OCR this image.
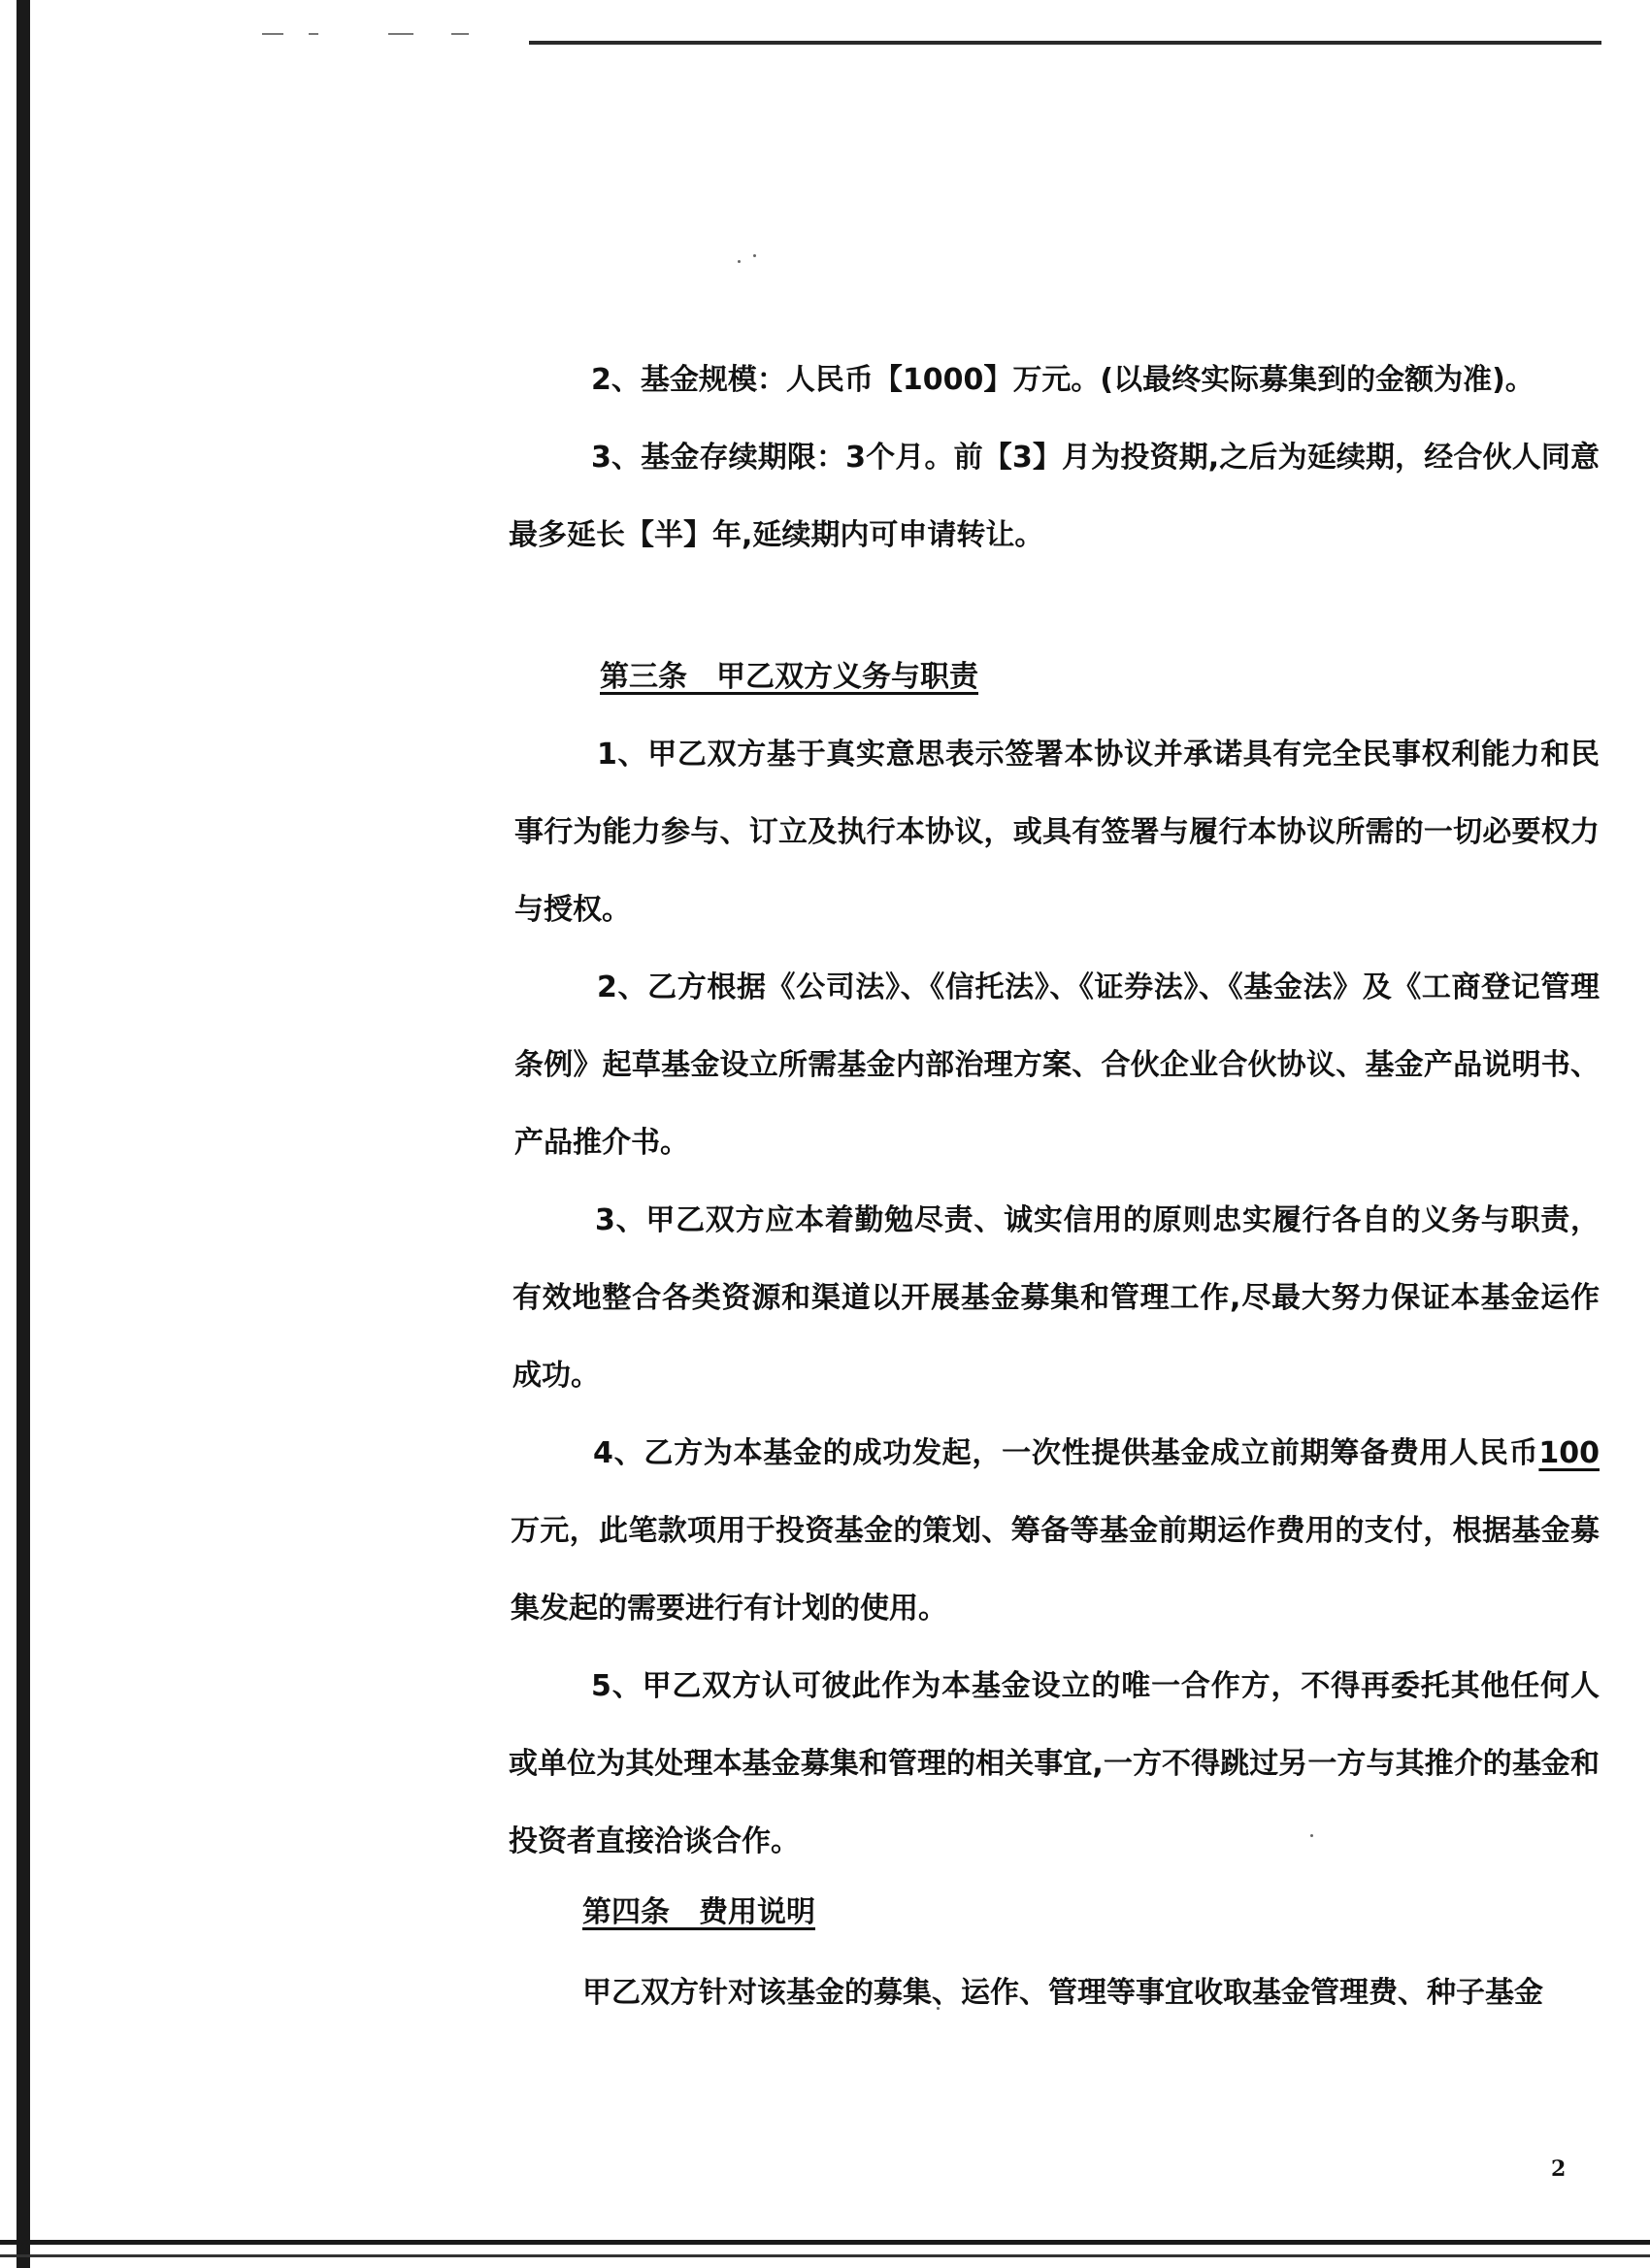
2、基金规模：人民币【1000】万元。(以最终实际募集到的金额为准)。

3、基金存续期限：3个月。前【3】月为投资期,之后为延续期，经合伙人同意最多延长【半】年,延续期内可申请转让。

第三条　甲乙双方义务与职责

1、甲乙双方基于真实意思表示签署本协议并承诺具有完全民事权利能力和民事行为能力参与、订立及执行本协议，或具有签署与履行本协议所需的一切必要权力与授权。

2、乙方根据《公司法》、《信托法》、《证券法》、《基金法》及《工商登记管理条例》起草基金设立所需基金内部治理方案、合伙企业合伙协议、基金产品说明书、产品推介书。

3、甲乙双方应本着勤勉尽责、诚实信用的原则忠实履行各自的义务与职责，有效地整合各类资源和渠道以开展基金募集和管理工作,尽最大努力保证本基金运作成功。

4、乙方为本基金的成功发起，一次性提供基金成立前期筹备费用人民币100万元，此笔款项用于投资基金的策划、筹备等基金前期运作费用的支付，根据基金募集发起的需要进行有计划的使用。

5、甲乙双方认可彼此作为本基金设立的唯一合作方，不得再委托其他任何人或单位为其处理本基金募集和管理的相关事宜,一方不得跳过另一方与其推介的基金和投资者直接洽谈合作。

第四条　费用说明

甲乙双方针对该基金的募集、运作、管理等事宜收取基金管理费、种子基金

2
